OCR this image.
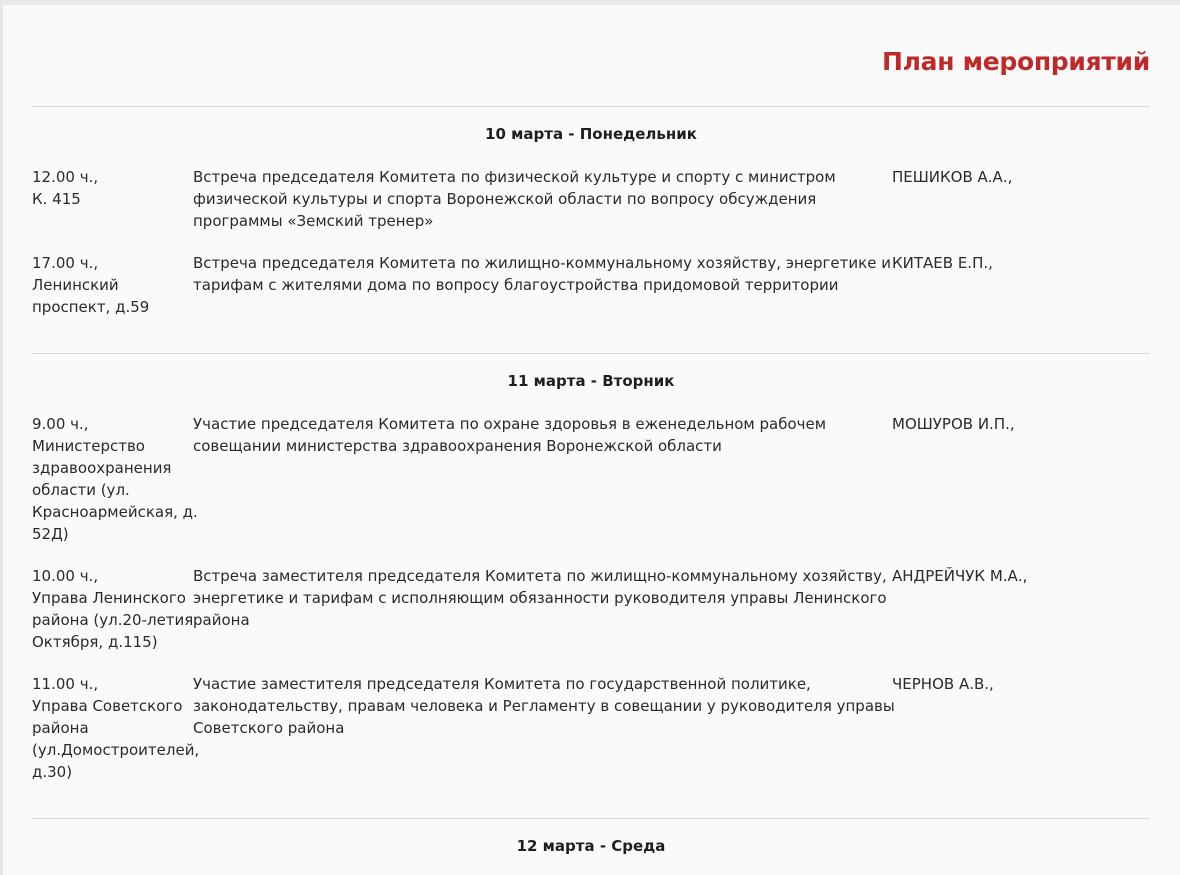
План мероприятий
10 марта - Понедельник
12.00 ч.,
К. 415
Встреча председателя Комитета по физической культуре и спорту с министром
физической культуры и спорта Воронежской области по вопросу обсуждения
программы «Земский тренер»
ПЕШИКОВ А.А.,
17.00 ч.,
Ленинский
проспект, д.59
Встреча председателя Комитета по жилищно-коммунальному хозяйству, энергетике и
тарифам с жителями дома по вопросу благоустройства придомовой территории
КИТАЕВ Е.П.,
11 марта - Вторник
9.00 ч.,
Министерство
здравоохранения
области (ул.
Красноармейская, д.
52Д)
Участие председателя Комитета по охране здоровья в еженедельном рабочем
совещании министерства здравоохранения Воронежской области
МОШУРОВ И.П.,
10.00 ч.,
Управа Ленинского
района (ул.20-летия
Октября, д.115)
Встреча заместителя председателя Комитета по жилищно-коммунальному хозяйству,
энергетике и тарифам с исполняющим обязанности руководителя управы Ленинского
района
АНДРЕЙЧУК М.А.,
11.00 ч.,
Управа Советского
района
(ул.Домостроителей,
д.30)
Участие заместителя председателя Комитета по государственной политике,
законодательству, правам человека и Регламенту в совещании у руководителя управы
Советского района
ЧЕРНОВ А.В.,
12 марта - Среда
